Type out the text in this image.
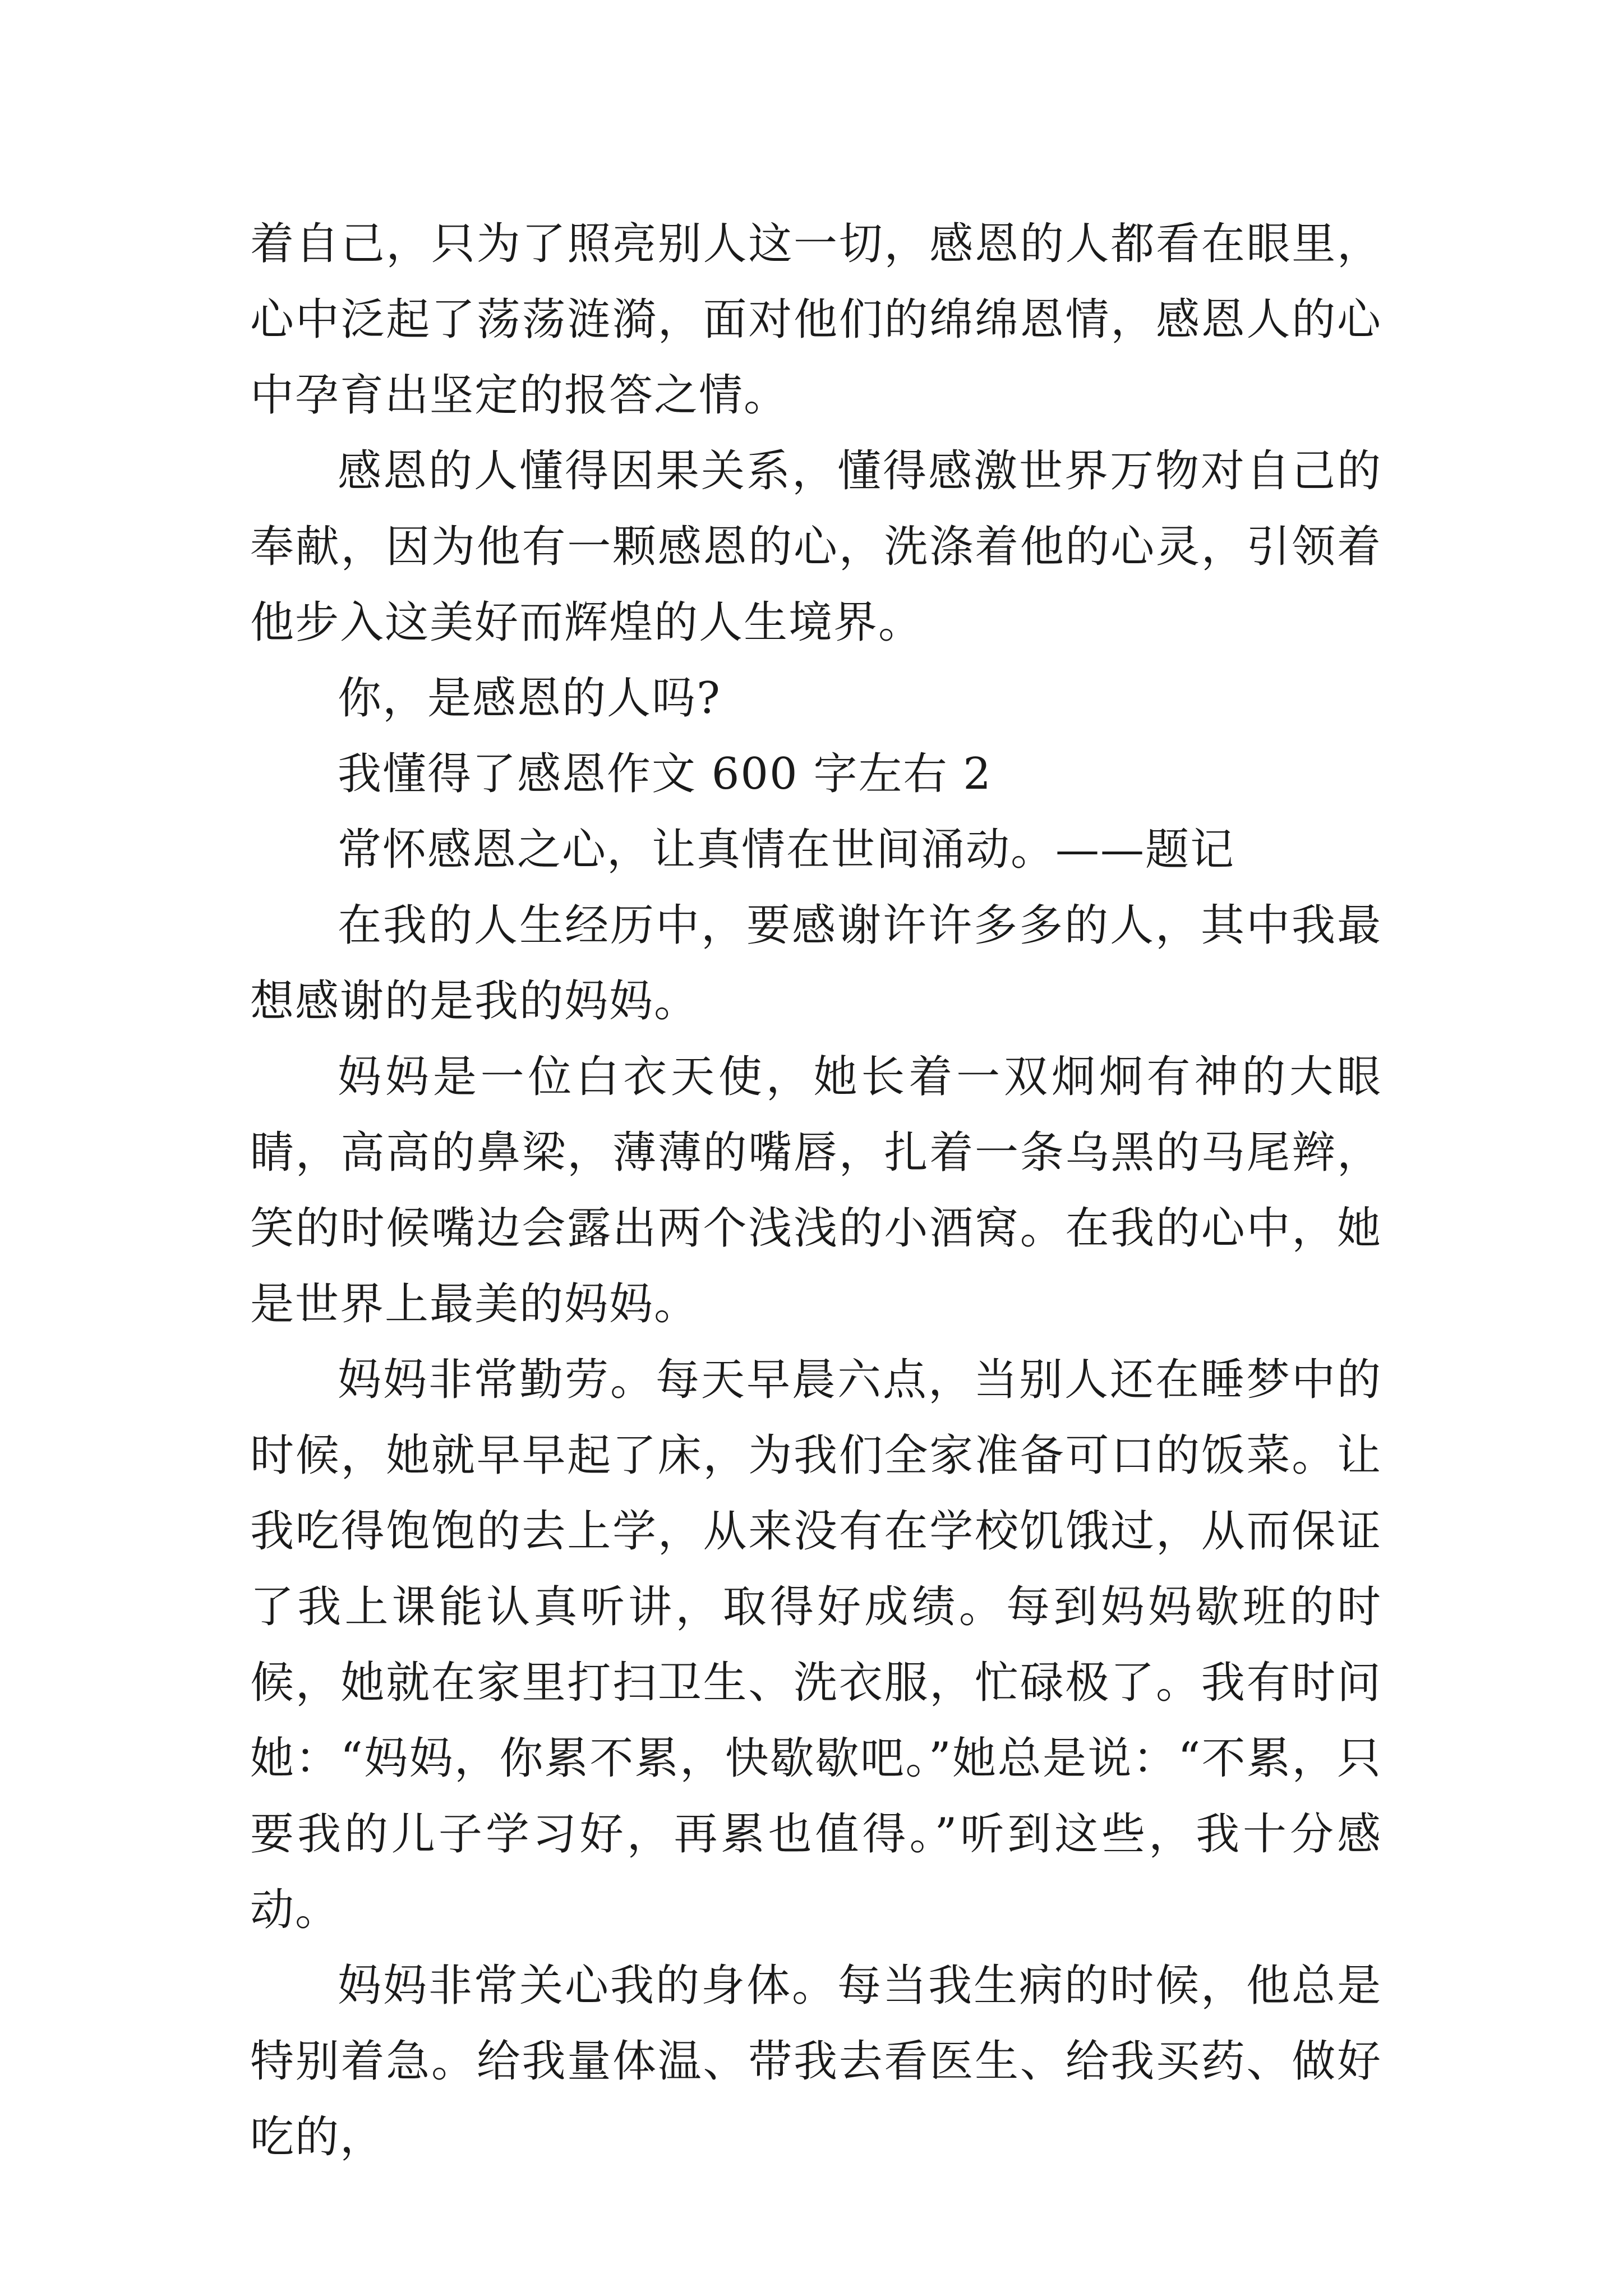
着自己，只为了照亮别人这一切，感恩的人都看在眼里，心中泛起了荡荡涟漪，面对他们的绵绵恩情，感恩人的心中孕育出坚定的报答之情。

感恩的人懂得因果关系，懂得感激世界万物对自己的奉献，因为他有一颗感恩的心，洗涤着他的心灵，引领着他步入这美好而辉煌的人生境界。

你，是感恩的人吗?

我懂得了感恩作文 600 字左右 2

常怀感恩之心，让真情在世间涌动。——题记

在我的人生经历中，要感谢许许多多的人，其中我最想感谢的是我的妈妈。

妈妈是一位白衣天使，她长着一双炯炯有神的大眼睛，高高的鼻梁，薄薄的嘴唇，扎着一条乌黑的马尾辫，笑的时候嘴边会露出两个浅浅的小酒窝。在我的心中，她是世界上最美的妈妈。

妈妈非常勤劳。每天早晨六点，当别人还在睡梦中的时候，她就早早起了床，为我们全家准备可口的饭菜。让我吃得饱饱的去上学，从来没有在学校饥饿过，从而保证了我上课能认真听讲，取得好成绩。每到妈妈歇班的时候，她就在家里打扫卫生、洗衣服，忙碌极了。我有时问她：“妈妈，你累不累，快歇歇吧。”她总是说：“不累，只要我的儿子学习好，再累也值得。”听到这些，我十分感动。

妈妈非常关心我的身体。每当我生病的时候，他总是特别着急。给我量体温、带我去看医生、给我买药、做好吃的，
